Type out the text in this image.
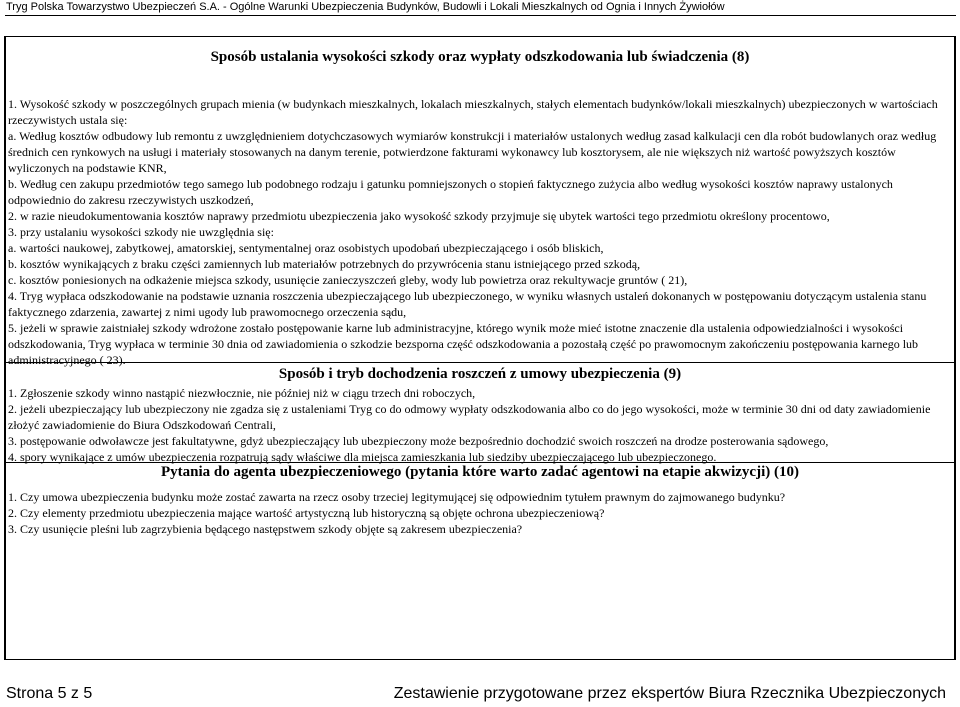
Tryg Polska Towarzystwo Ubezpieczeń S.A. - Ogólne Warunki Ubezpieczenia Budynków, Budowli i Lokali Mieszkalnych od Ognia i Innych Żywiołów
Sposób ustalania wysokości szkody oraz wypłaty odszkodowania lub świadczenia (8)

1. Wysokość szkody w poszczególnych grupach mienia (w budynkach mieszkalnych, lokalach mieszkalnych, stałych elementach budynków/lokali mieszkalnych) ubezpieczonych w wartościach rzeczywistych ustala się:

a. Według kosztów odbudowy lub remontu z uwzględnieniem dotychczasowych wymiarów konstrukcji i materiałów ustalonych według zasad kalkulacji cen dla robót budowlanych oraz według średnich cen rynkowych na usługi i materiały stosowanych na danym terenie, potwierdzone fakturami wykonawcy lub kosztorysem, ale nie większych niż wartość powyższych kosztów wyliczonych na podstawie KNR,

b. Według cen zakupu przedmiotów tego samego lub podobnego rodzaju i gatunku pomniejszonych o stopień faktycznego zużycia albo według wysokości kosztów naprawy ustalonych odpowiednio do zakresu rzeczywistych uszkodzeń,

2. w razie nieudokumentowania kosztów naprawy przedmiotu ubezpieczenia jako wysokość szkody przyjmuje się ubytek wartości tego przedmiotu określony procentowo,

3. przy ustalaniu wysokości szkody nie uwzględnia się:

a. wartości naukowej, zabytkowej, amatorskiej, sentymentalnej oraz osobistych upodobań ubezpieczającego i osób bliskich,

b. kosztów wynikających z braku części zamiennych lub materiałów potrzebnych do przywrócenia stanu istniejącego przed szkodą,

c. kosztów poniesionych na odkażenie miejsca szkody, usunięcie zanieczyszczeń gleby, wody lub powietrza oraz rekultywacje gruntów ( 21),

4. Tryg wypłaca odszkodowanie na podstawie uznania roszczenia ubezpieczającego lub ubezpieczonego, w wyniku własnych ustaleń dokonanych w postępowaniu dotyczącym ustalenia stanu faktycznego zdarzenia, zawartej z nimi ugody lub prawomocnego orzeczenia sądu,

5. jeżeli w sprawie zaistniałej szkody wdrożone zostało postępowanie karne lub administracyjne, którego wynik może mieć istotne znaczenie dla ustalenia odpowiedzialności i wysokości odszkodowania, Tryg wypłaca w terminie 30 dnia od zawiadomienia o szkodzie bezsporna część odszkodowania a pozostałą część po prawomocnym zakończeniu postępowania karnego lub administracyjnego ( 23).

Sposób i tryb dochodzenia roszczeń z umowy ubezpieczenia (9)

1. Zgłoszenie szkody winno nastąpić niezwłocznie, nie później niż w ciągu trzech dni roboczych,

2. jeżeli ubezpieczający lub ubezpieczony nie zgadza się z ustaleniami Tryg co do odmowy wypłaty odszkodowania albo co do jego wysokości, może w terminie 30 dni od daty zawiadomienie złożyć zawiadomienie do Biura Odszkodowań Centrali,

3. postępowanie odwoławcze jest fakultatywne, gdyż ubezpieczający lub ubezpieczony może bezpośrednio dochodzić swoich roszczeń na drodze posterowania sądowego,

4. spory wynikające z umów ubezpieczenia rozpatrują sądy właściwe dla miejsca zamieszkania lub siedziby ubezpieczającego lub ubezpieczonego.

Pytania do agenta ubezpieczeniowego (pytania które warto zadać agentowi na etapie akwizycji) (10)

1. Czy umowa ubezpieczenia budynku może zostać zawarta na rzecz osoby trzeciej legitymującej się odpowiednim tytułem prawnym do zajmowanego budynku?

2. Czy elementy przedmiotu ubezpieczenia mające wartość artystyczną lub historyczną są objęte ochrona ubezpieczeniową?

3. Czy usunięcie pleśni lub zagrzybienia będącego następstwem szkody objęte są zakresem ubezpieczenia?

Strona 5 z 5	Zestawienie przygotowane przez ekspertów Biura Rzecznika Ubezpieczonych
